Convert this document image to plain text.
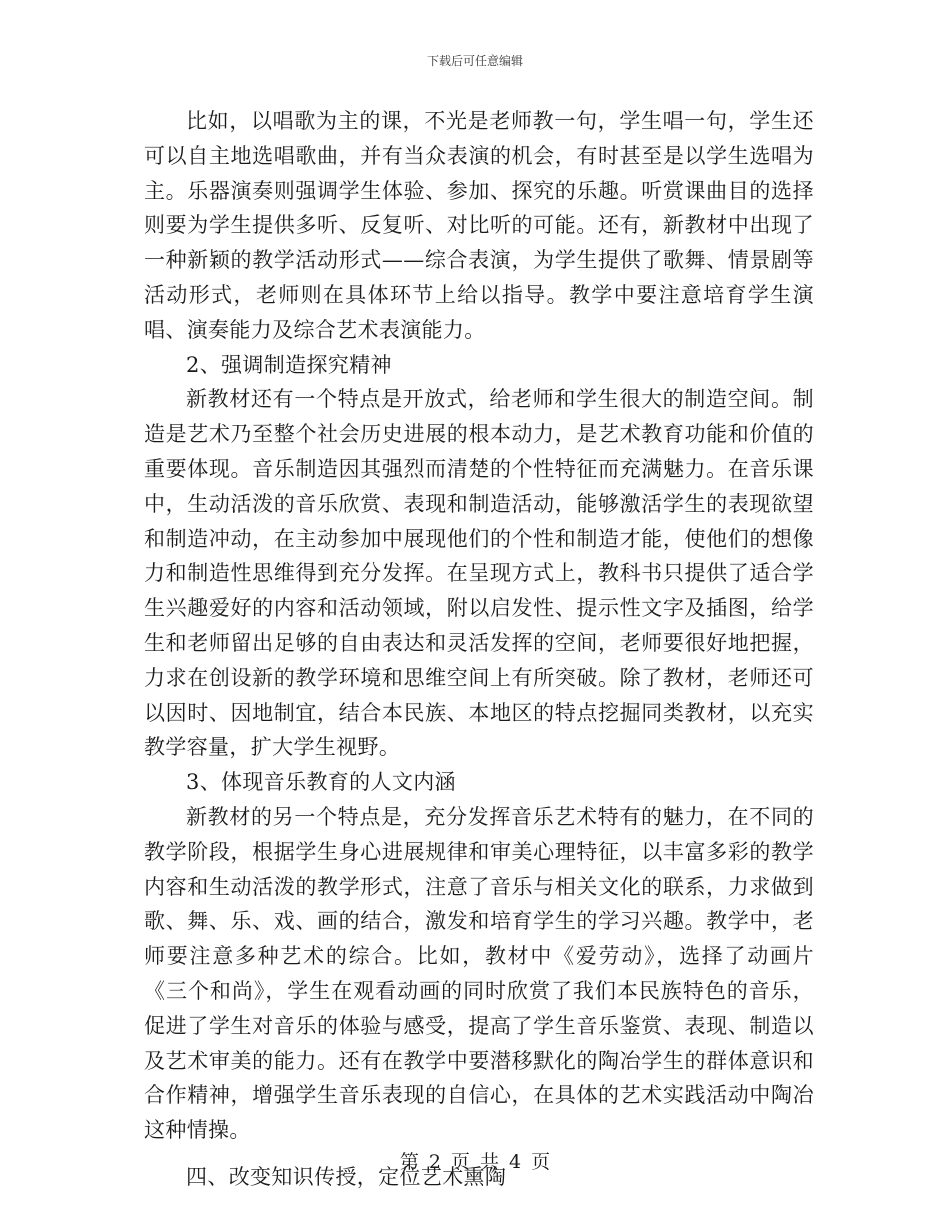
下载后可任意编辑

比如，以唱歌为主的课，不光是老师教一句，学生唱一句，学生还可以自主地选唱歌曲，并有当众表演的机会，有时甚至是以学生选唱为主。乐器演奏则强调学生体验、参加、探究的乐趣。听赏课曲目的选择则要为学生提供多听、反复听、对比听的可能。还有，新教材中出现了一种新颖的教学活动形式——综合表演，为学生提供了歌舞、情景剧等活动形式，老师则在具体环节上给以指导。教学中要注意培育学生演唱、演奏能力及综合艺术表演能力。

2、强调制造探究精神

新教材还有一个特点是开放式，给老师和学生很大的制造空间。制造是艺术乃至整个社会历史进展的根本动力，是艺术教育功能和价值的重要体现。音乐制造因其强烈而清楚的个性特征而充满魅力。在音乐课中，生动活泼的音乐欣赏、表现和制造活动，能够激活学生的表现欲望和制造冲动，在主动参加中展现他们的个性和制造才能，使他们的想像力和制造性思维得到充分发挥。在呈现方式上，教科书只提供了适合学生兴趣爱好的内容和活动领域，附以启发性、提示性文字及插图，给学生和老师留出足够的自由表达和灵活发挥的空间，老师要很好地把握，力求在创设新的教学环境和思维空间上有所突破。除了教材，老师还可以因时、因地制宜，结合本民族、本地区的特点挖掘同类教材，以充实教学容量，扩大学生视野。

3、体现音乐教育的人文内涵

新教材的另一个特点是，充分发挥音乐艺术特有的魅力，在不同的教学阶段，根据学生身心进展规律和审美心理特征，以丰富多彩的教学内容和生动活泼的教学形式，注意了音乐与相关文化的联系，力求做到歌、舞、乐、戏、画的结合，激发和培育学生的学习兴趣。教学中，老师要注意多种艺术的综合。比如，教材中《爱劳动》，选择了动画片《三个和尚》，学生在观看动画的同时欣赏了我们本民族特色的音乐，促进了学生对音乐的体验与感受，提高了学生音乐鉴赏、表现、制造以及艺术审美的能力。还有在教学中要潜移默化的陶冶学生的群体意识和合作精神，增强学生音乐表现的自信心，在具体的艺术实践活动中陶冶这种情操。

四、改变知识传授，定位艺术熏陶

第 2 页 共 4 页
